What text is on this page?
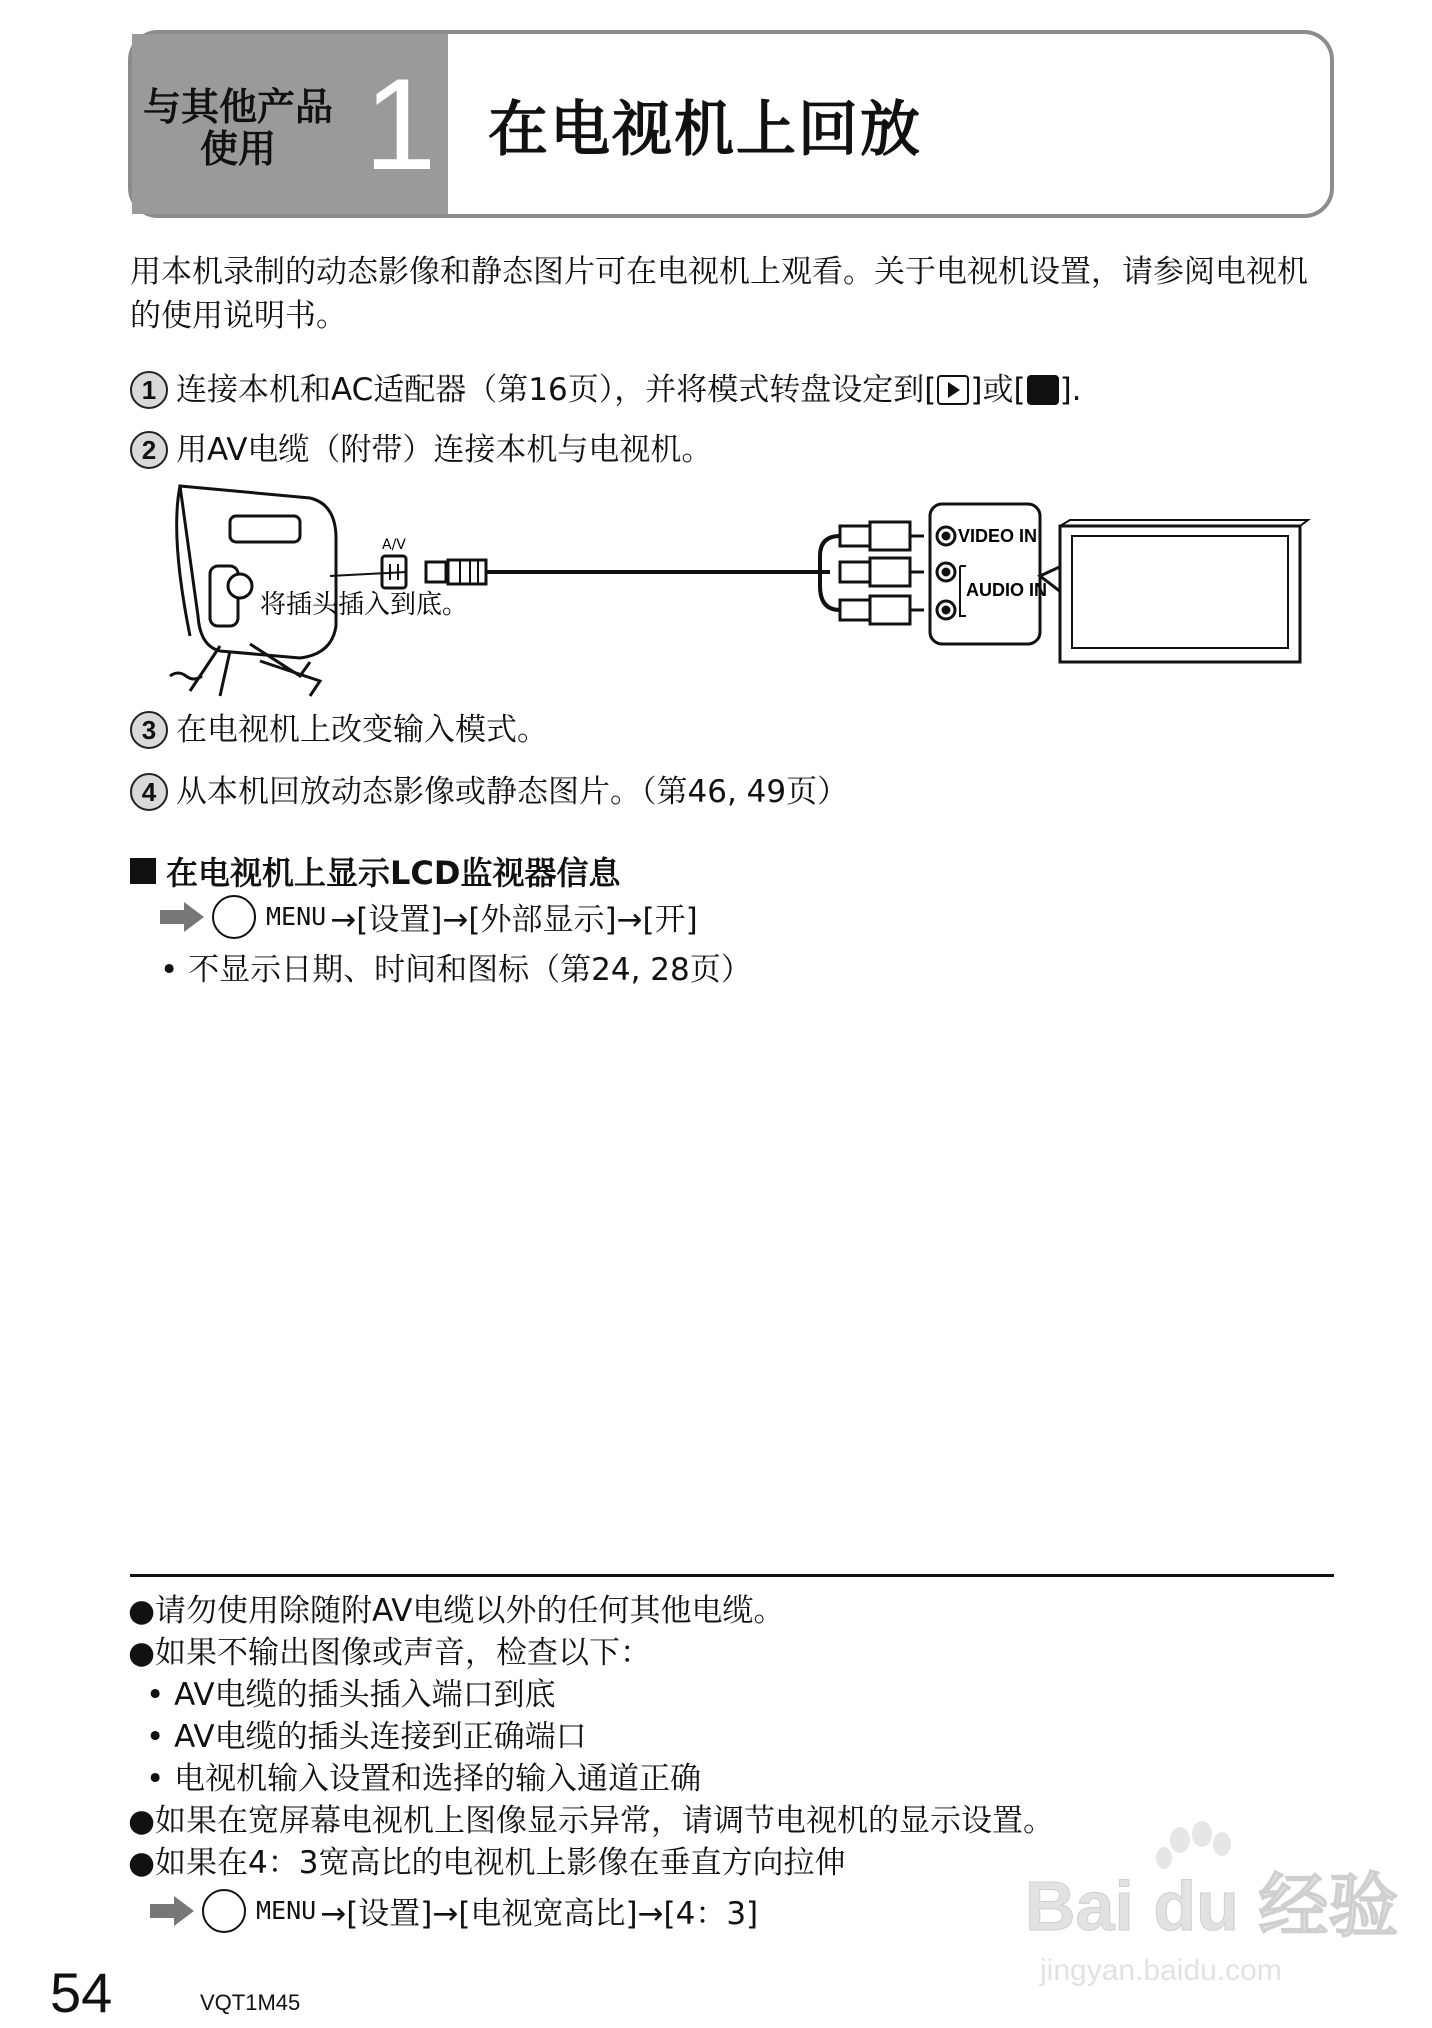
与其他产品
使用 1 在电视机上回放
用本机录制的动态影像和静态图片可在电视机上观看。关于电视机设置，请参阅电视机的使用说明书。
1 连接本机和AC适配器（第16页），并将模式转盘设定到[ ]或[ ].
2 用AV电缆（附带）连接本机与电视机。
A/V
将插头插入到底。
VIDEO IN
AUDIO IN
3 在电视机上改变输入模式。
4 从本机回放动态影像或静态图片。（第46, 49页）
在电视机上显示LCD监视器信息
MENU →[设置]→[外部显示]→[开]
• 不显示日期、时间和图标（第24, 28页）
●请勿使用除随附AV电缆以外的任何其他电缆。
●如果不输出图像或声音，检查以下：
• AV电缆的插头插入端口到底
• AV电缆的插头连接到正确端口
• 电视机输入设置和选择的输入通道正确
●如果在宽屏幕电视机上图像显示异常，请调节电视机的显示设置。
●如果在4：3宽高比的电视机上影像在垂直方向拉伸
MENU →[设置]→[电视宽高比]→[4：3]
54	VQT1M45
Bai du 经验
jingyan.baidu.com
